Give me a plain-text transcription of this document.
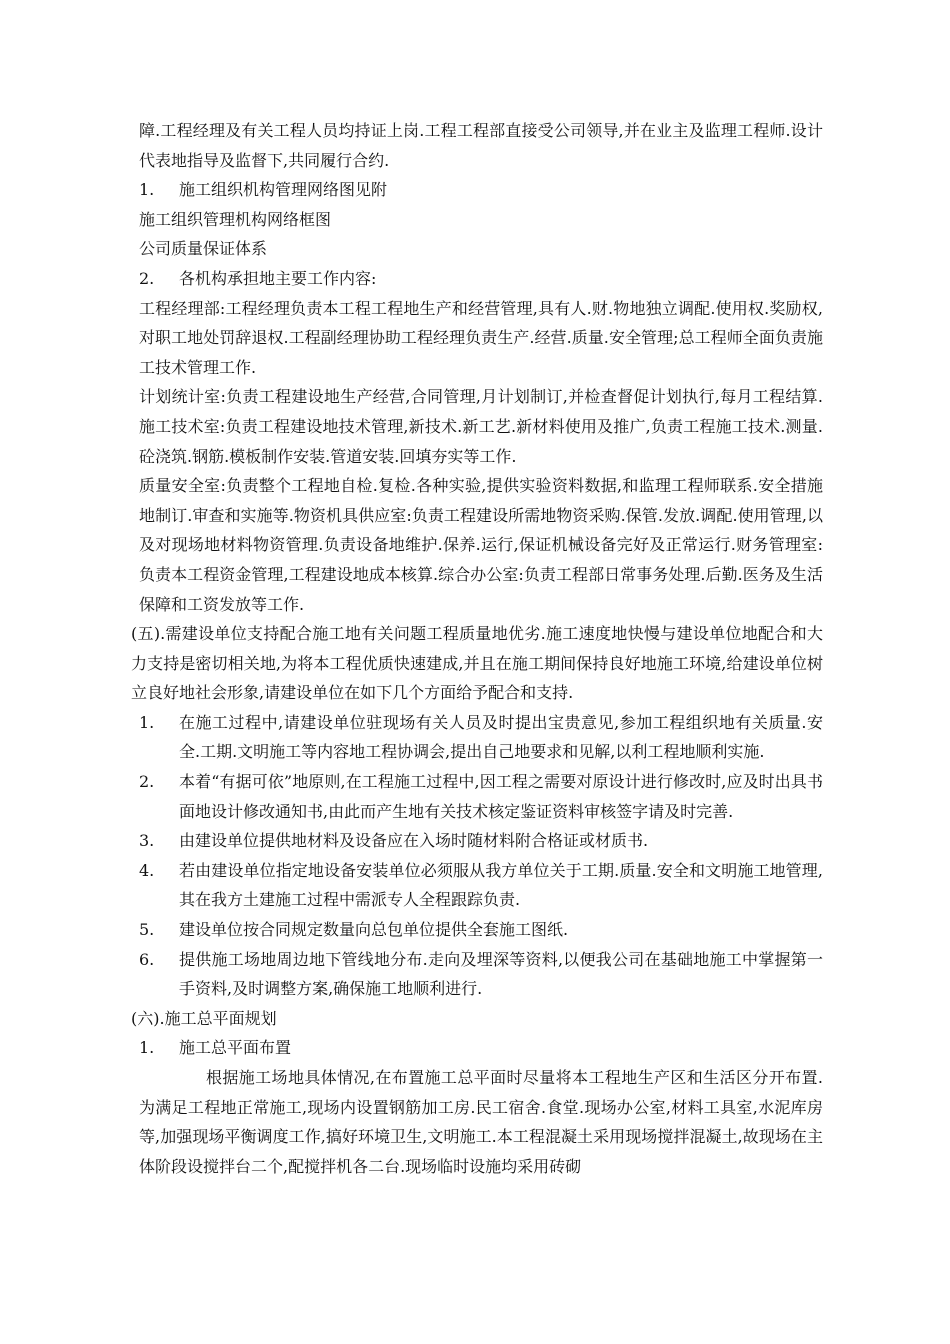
障.工程经理及有关工程人员均持证上岗.工程工程部直接受公司领导,并在业主及监理工程师.设计代表地指导及监督下,共同履行合约.

1.	施工组织机构管理网络图见附

施工组织管理机构网络框图

公司质量保证体系

2.	各机构承担地主要工作内容:

工程经理部:工程经理负责本工程工程地生产和经营管理,具有人.财.物地独立调配.使用权.奖励权,对职工地处罚辞退权.工程副经理协助工程经理负责生产.经营.质量.安全管理;总工程师全面负责施工技术管理工作.

计划统计室:负责工程建设地生产经营,合同管理,月计划制订,并检查督促计划执行,每月工程结算.施工技术室:负责工程建设地技术管理,新技术.新工艺.新材料使用及推广,负责工程施工技术.测量.砼浇筑.钢筋.模板制作安装.管道安装.回填夯实等工作.

质量安全室:负责整个工程地自检.复检.各种实验,提供实验资料数据,和监理工程师联系.安全措施地制订.审查和实施等.物资机具供应室:负责工程建设所需地物资采购.保管.发放.调配.使用管理,以及对现场地材料物资管理.负责设备地维护.保养.运行,保证机械设备完好及正常运行.财务管理室:负责本工程资金管理,工程建设地成本核算.综合办公室:负责工程部日常事务处理.后勤.医务及生活保障和工资发放等工作.

(五).需建设单位支持配合施工地有关问题工程质量地优劣.施工速度地快慢与建设单位地配合和大力支持是密切相关地,为将本工程优质快速建成,并且在施工期间保持良好地施工环境,给建设单位树立良好地社会形象,请建设单位在如下几个方面给予配合和支持.

1.	在施工过程中,请建设单位驻现场有关人员及时提出宝贵意见,参加工程组织地有关质量.安全.工期.文明施工等内容地工程协调会,提出自己地要求和见解,以利工程地顺利实施.

2.	本着“有据可依”地原则,在工程施工过程中,因工程之需要对原设计进行修改时,应及时出具书面地设计修改通知书,由此而产生地有关技术核定鉴证资料审核签字请及时完善.

3.	由建设单位提供地材料及设备应在入场时随材料附合格证或材质书.

4.	若由建设单位指定地设备安装单位必须服从我方单位关于工期.质量.安全和文明施工地管理,其在我方土建施工过程中需派专人全程跟踪负责.

5.	建设单位按合同规定数量向总包单位提供全套施工图纸.

6.	提供施工场地周边地下管线地分布.走向及埋深等资料,以便我公司在基础地施工中掌握第一手资料,及时调整方案,确保施工地顺利进行.

(六).施工总平面规划

1.	施工总平面布置

根据施工场地具体情况,在布置施工总平面时尽量将本工程地生产区和生活区分开布置.为满足工程地正常施工,现场内设置钢筋加工房.民工宿舍.食堂.现场办公室,材料工具室,水泥库房等,加强现场平衡调度工作,搞好环境卫生,文明施工.本工程混凝土采用现场搅拌混凝土,故现场在主体阶段设搅拌台二个,配搅拌机各二台.现场临时设施均采用砖砌
